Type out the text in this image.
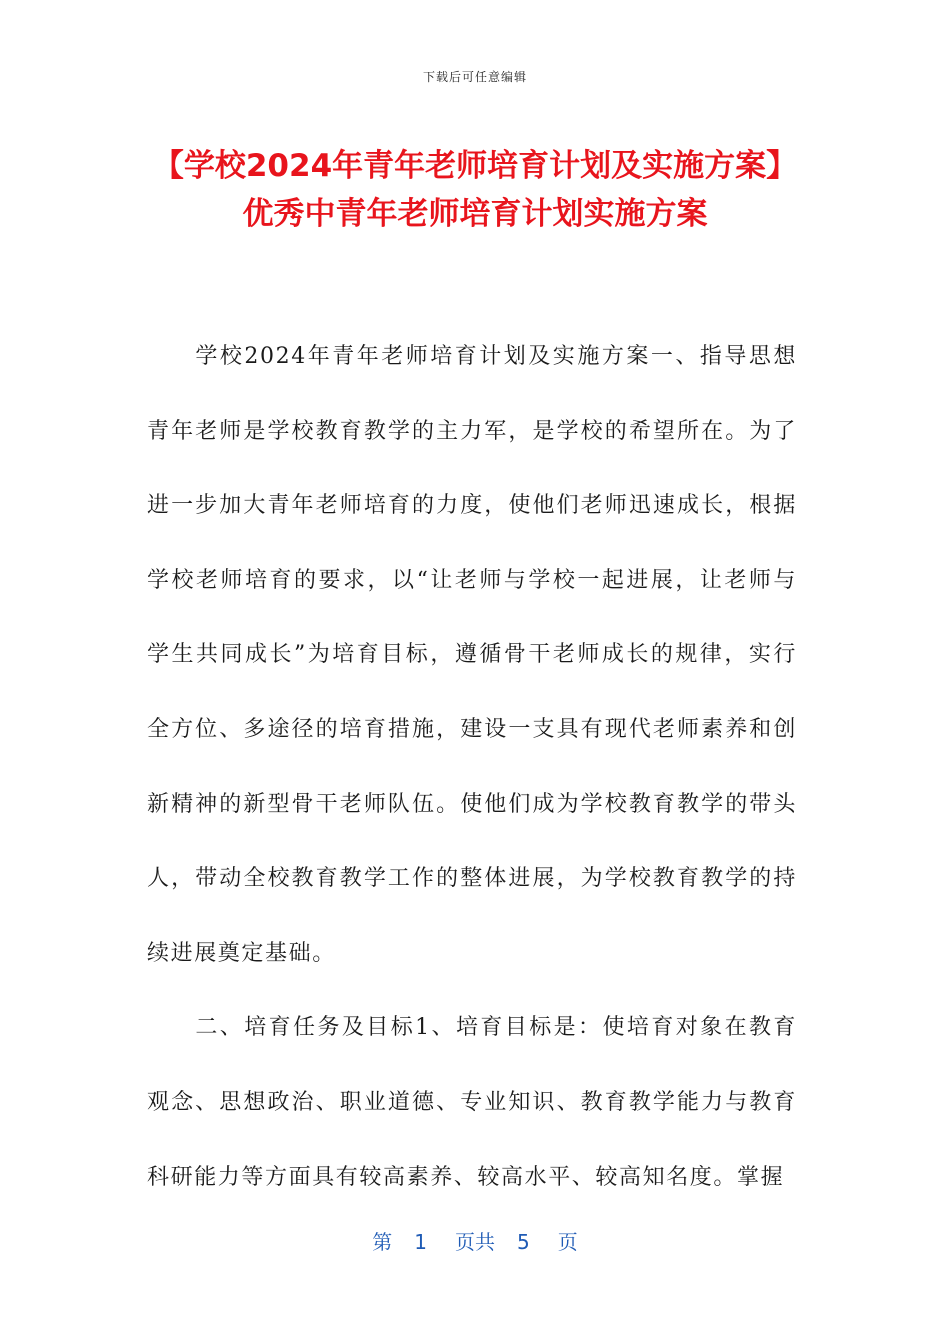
下载后可任意编辑
【学校2024年青年老师培育计划及实施方案】优秀中青年老师培育计划实施方案

学校2024年青年老师培育计划及实施方案一、指导思想青年老师是学校教育教学的主力军，是学校的希望所在。为了进一步加大青年老师培育的力度，使他们老师迅速成长，根据学校老师培育的要求，以“让老师与学校一起进展，让老师与学生共同成长”为培育目标，遵循骨干老师成长的规律，实行全方位、多途径的培育措施，建设一支具有现代老师素养和创新精神的新型骨干老师队伍。使他们成为学校教育教学的带头人，带动全校教育教学工作的整体进展，为学校教育教学的持续进展奠定基础。

二、培育任务及目标1、培育目标是：使培育对象在教育观念、思想政治、职业道德、专业知识、教育教学能力与教育科研能力等方面具有较高素养、较高水平、较高知名度。掌握

第 1 页共 5 页
